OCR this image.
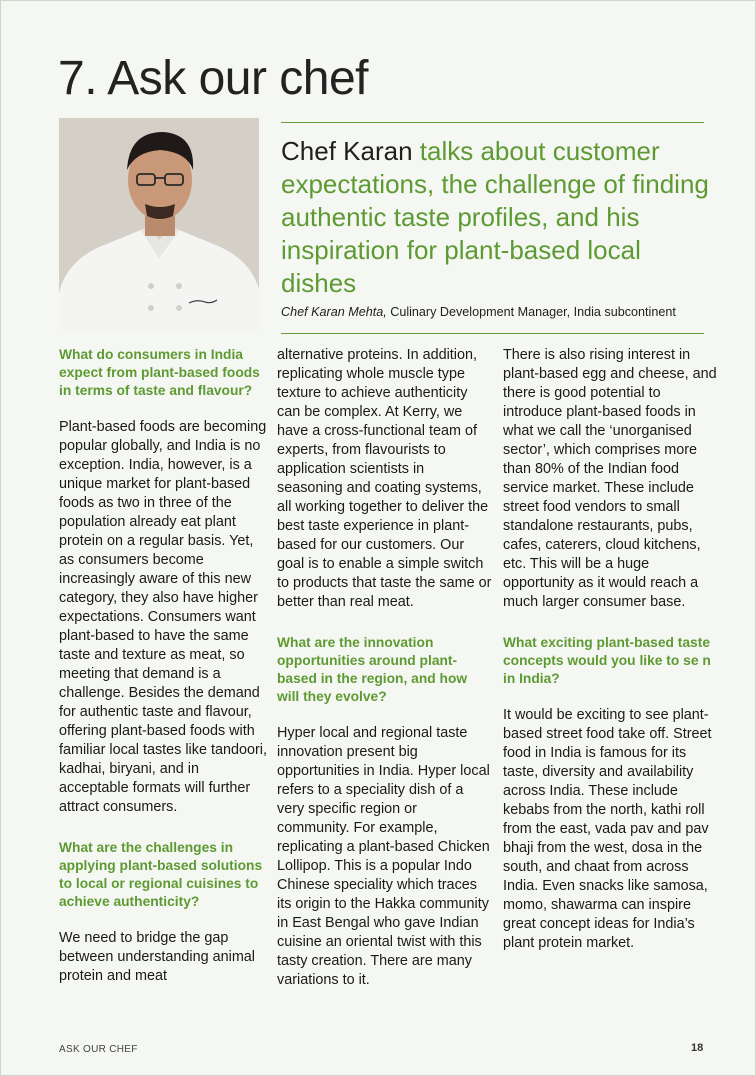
7. Ask our chef

Chef Karan talks about customer expectations, the challenge of finding authentic taste profiles, and his inspiration for plant-based local dishes

Chef Karan Mehta, Culinary Development Manager, India subcontinent

What do consumers in India expect from plant-based foods in terms of taste and flavour?

Plant-based foods are becoming popular globally, and India is no exception. India, however, is a unique market for plant-based foods as two in three of the population already eat plant protein on a regular basis. Yet, as consumers become increasingly aware of this new category, they also have higher expectations. Consumers want plant-based to have the same taste and texture as meat, so meeting that demand is a challenge. Besides the demand for authentic taste and flavour, offering plant-based foods with familiar local tastes like tandoori, kadhai, biryani, and in acceptable formats will further attract consumers.

What are the challenges in applying plant-based solutions to local or regional cuisines to achieve authenticity?

We need to bridge the gap between understanding animal protein and meat

alternative proteins. In addition, replicating whole muscle type texture to achieve authenticity can be complex. At Kerry, we have a cross-functional team of experts, from flavourists to application scientists in seasoning and coating systems, all working together to deliver the best taste experience in plant-based for our customers. Our goal is to enable a simple switch to products that taste the same or better than real meat.

What are the innovation opportunities around plant-based in the region, and how will they evolve?

Hyper local and regional taste innovation present big opportunities in India. Hyper local refers to a speciality dish of a very specific region or community. For example, replicating a plant-based Chicken Lollipop. This is a popular Indo Chinese speciality which traces its origin to the Hakka community in East Bengal who gave Indian cuisine an oriental twist with this tasty creation. There are many variations to it.

There is also rising interest in plant-based egg and cheese, and there is good potential to introduce plant-based foods in what we call the ‘unorganised sector’, which comprises more than 80% of the Indian food service market. These include street food vendors to small standalone restaurants, pubs, cafes, caterers, cloud kitchens, etc. This will be a huge opportunity as it would reach a much larger consumer base.

What exciting plant-based taste concepts would you like to se n in India?

It would be exciting to see plant-based street food take off. Street food in India is famous for its taste, diversity and availability across India. These include kebabs from the north, kathi roll from the east, vada pav and pav bhaji from the west, dosa in the south, and chaat from across India. Even snacks like samosa, momo, shawarma can inspire great concept ideas for India’s plant protein market.

ASK OUR CHEF	18
